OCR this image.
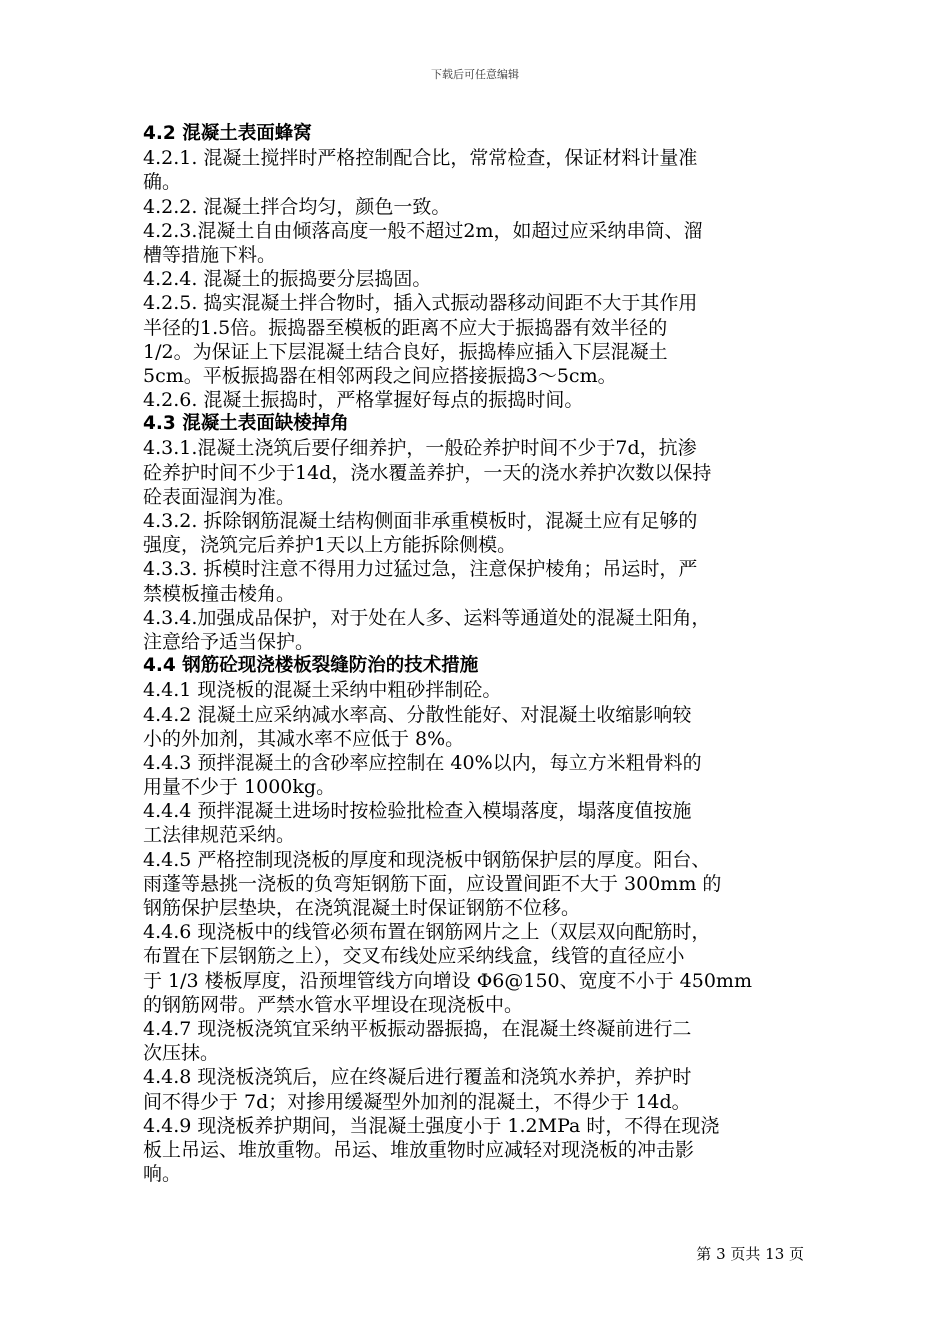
下载后可任意编辑
4.2 混凝土表面蜂窝
4.2.1. 混凝土搅拌时严格控制配合比，常常检查，保证材料计量准
确。
4.2.2. 混凝土拌合均匀，颜色一致。
4.2.3.混凝土自由倾落高度一般不超过2m，如超过应采纳串筒、溜
槽等措施下料。
4.2.4. 混凝土的振捣要分层捣固。
4.2.5. 捣实混凝土拌合物时，插入式振动器移动间距不大于其作用
半径的1.5倍。振捣器至模板的距离不应大于振捣器有效半径的
1/2。为保证上下层混凝土结合良好，振捣棒应插入下层混凝土
5cm。平板振捣器在相邻两段之间应搭接振捣3～5cm。
4.2.6. 混凝土振捣时，严格掌握好每点的振捣时间。
4.3 混凝土表面缺棱掉角
4.3.1.混凝土浇筑后要仔细养护，一般砼养护时间不少于7d，抗渗
砼养护时间不少于14d，浇水覆盖养护，一天的浇水养护次数以保持
砼表面湿润为准。
4.3.2. 拆除钢筋混凝土结构侧面非承重模板时，混凝土应有足够的
强度，浇筑完后养护1天以上方能拆除侧模。
4.3.3. 拆模时注意不得用力过猛过急，注意保护棱角；吊运时，严
禁模板撞击棱角。
4.3.4.加强成品保护，对于处在人多、运料等通道处的混凝土阳角，
注意给予适当保护。
4.4 钢筋砼现浇楼板裂缝防治的技术措施
4.4.1 现浇板的混凝土采纳中粗砂拌制砼。
4.4.2 混凝土应采纳减水率高、分散性能好、对混凝土收缩影响较
小的外加剂，其减水率不应低于 8%。
4.4.3 预拌混凝土的含砂率应控制在 40%以内，每立方米粗骨料的
用量不少于 1000kg。
4.4.4 预拌混凝土进场时按检验批检查入模塌落度，塌落度值按施
工法律规范采纳。
4.4.5 严格控制现浇板的厚度和现浇板中钢筋保护层的厚度。阳台、
雨蓬等悬挑一浇板的负弯矩钢筋下面，应设置间距不大于 300mm 的
钢筋保护层垫块，在浇筑混凝土时保证钢筋不位移。
4.4.6 现浇板中的线管必须布置在钢筋网片之上（双层双向配筋时，
布置在下层钢筋之上），交叉布线处应采纳线盒，线管的直径应小
于 1/3 楼板厚度，沿预埋管线方向增设 Φ6@150、宽度不小于 450mm
的钢筋网带。严禁水管水平埋设在现浇板中。
4.4.7 现浇板浇筑宜采纳平板振动器振捣，在混凝土终凝前进行二
次压抹。
4.4.8 现浇板浇筑后，应在终凝后进行覆盖和浇筑水养护，养护时
间不得少于 7d；对掺用缓凝型外加剂的混凝土，不得少于 14d。
4.4.9 现浇板养护期间，当混凝土强度小于 1.2MPa 时，不得在现浇
板上吊运、堆放重物。吊运、堆放重物时应减轻对现浇板的冲击影
响。
第 3 页共 13 页
